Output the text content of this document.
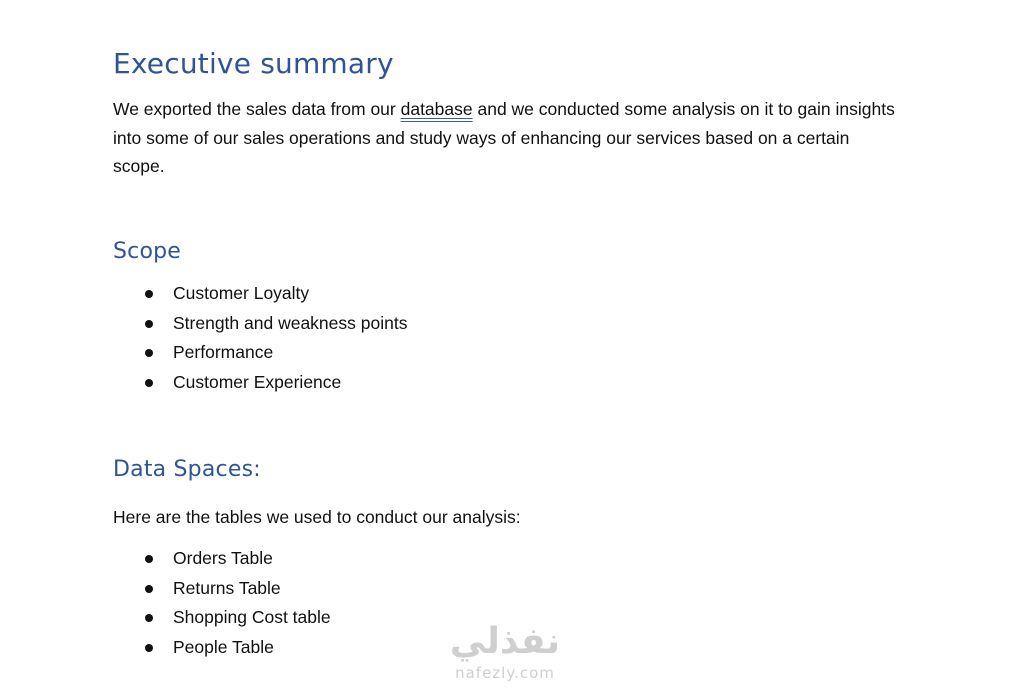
Executive summary

We exported the sales data from our database and we conducted some analysis on it to gain insights into some of our sales operations and study ways of enhancing our services based on a certain scope.

Scope
Customer Loyalty
Strength and weakness points
Performance
Customer Experience
Data Spaces:

Here are the tables we used to conduct our analysis:

Orders Table
Returns Table
Shopping Cost table
People Table	نفذلي
nafezly.com
